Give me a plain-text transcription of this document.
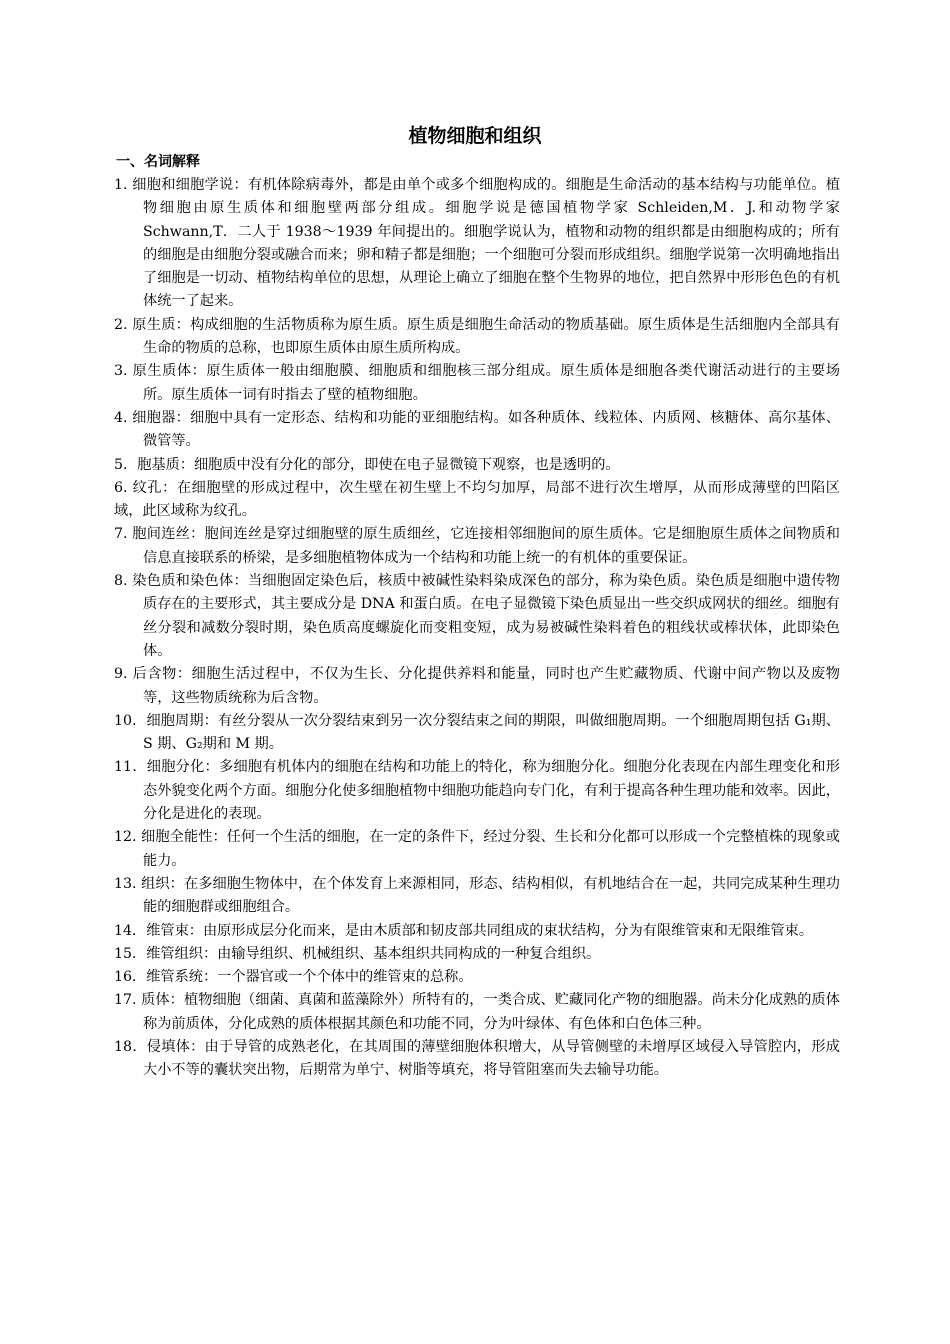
植物细胞和组织
一、名词解释

1. 细胞和细胞学说：有机体除病毒外，都是由单个或多个细胞构成的。细胞是生命活动的基本结构与功能单位。植物细胞由原生质体和细胞壁两部分组成。细胞学说是德国植物学家 Schleiden,M．J.和动物学家 Schwann,T．二人于 1938～1939 年间提出的。细胞学说认为，植物和动物的组织都是由细胞构成的；所有的细胞是由细胞分裂或融合而来；卵和精子都是细胞；一个细胞可分裂而形成组织。细胞学说第一次明确地指出了细胞是一切动、植物结构单位的思想，从理论上确立了细胞在整个生物界的地位，把自然界中形形色色的有机体统一了起来。

2. 原生质：构成细胞的生活物质称为原生质。原生质是细胞生命活动的物质基础。原生质体是生活细胞内全部具有生命的物质的总称，也即原生质体由原生质所构成。

3. 原生质体：原生质体一般由细胞膜、细胞质和细胞核三部分组成。原生质体是细胞各类代谢活动进行的主要场所。原生质体一词有时指去了壁的植物细胞。

4. 细胞器：细胞中具有一定形态、结构和功能的亚细胞结构。如各种质体、线粒体、内质网、核糖体、高尔基体、微管等。

5．胞基质：细胞质中没有分化的部分，即使在电子显微镜下观察，也是透明的。

6. 纹孔：在细胞壁的形成过程中，次生壁在初生壁上不均匀加厚，局部不进行次生增厚，从而形成薄壁的凹陷区域，此区域称为纹孔。

7. 胞间连丝：胞间连丝是穿过细胞壁的原生质细丝，它连接相邻细胞间的原生质体。它是细胞原生质体之间物质和信息直接联系的桥梁，是多细胞植物体成为一个结构和功能上统一的有机体的重要保证。

8. 染色质和染色体：当细胞固定染色后，核质中被碱性染料染成深色的部分，称为染色质。染色质是细胞中遗传物质存在的主要形式，其主要成分是 DNA 和蛋白质。在电子显微镜下染色质显出一些交织成网状的细丝。细胞有丝分裂和减数分裂时期，染色质高度螺旋化而变粗变短，成为易被碱性染料着色的粗线状或棒状体，此即染色体。

9. 后含物：细胞生活过程中，不仅为生长、分化提供养料和能量，同时也产生贮藏物质、代谢中间产物以及废物等，这些物质统称为后含物。

10．细胞周期：有丝分裂从一次分裂结束到另一次分裂结束之间的期限，叫做细胞周期。一个细胞周期包括 G₁期、S 期、G₂期和 M 期。

11．细胞分化：多细胞有机体内的细胞在结构和功能上的特化，称为细胞分化。细胞分化表现在内部生理变化和形态外貌变化两个方面。细胞分化使多细胞植物中细胞功能趋向专门化，有利于提高各种生理功能和效率。因此，分化是进化的表现。

12. 细胞全能性：任何一个生活的细胞，在一定的条件下，经过分裂、生长和分化都可以形成一个完整植株的现象或能力。

13. 组织：在多细胞生物体中，在个体发育上来源相同，形态、结构相似，有机地结合在一起，共同完成某种生理功能的细胞群或细胞组合。

14．维管束：由原形成层分化而来，是由木质部和韧皮部共同组成的束状结构，分为有限维管束和无限维管束。

15．维管组织：由输导组织、机械组织、基本组织共同构成的一种复合组织。

16．维管系统：一个器官或一个个体中的维管束的总称。

17. 质体：植物细胞（细菌、真菌和蓝藻除外）所特有的，一类合成、贮藏同化产物的细胞器。尚未分化成熟的质体称为前质体，分化成熟的质体根据其颜色和功能不同，分为叶绿体、有色体和白色体三种。

18．侵填体：由于导管的成熟老化，在其周围的薄壁细胞体积增大，从导管侧壁的未增厚区域侵入导管腔内，形成大小不等的囊状突出物，后期常为单宁、树脂等填充，将导管阻塞而失去输导功能。
